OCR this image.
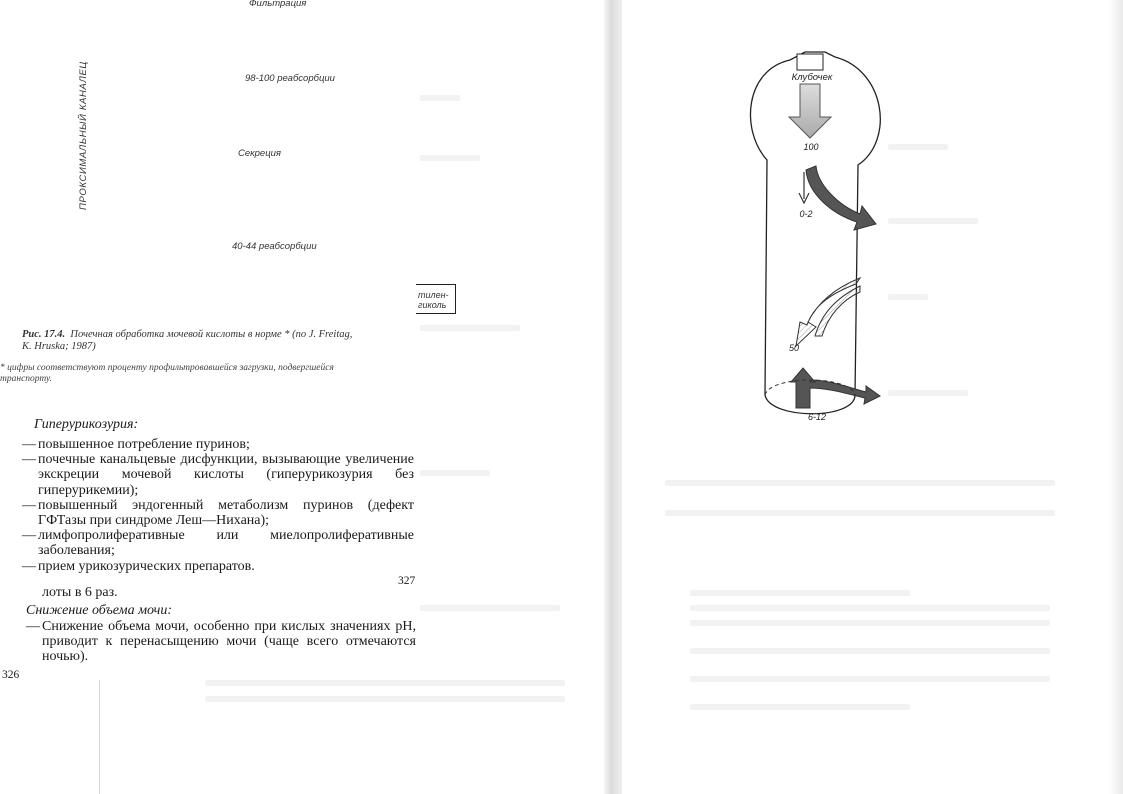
ПРОКСИМАЛЬНЫЙ КАНАЛЕЦ
Фильтрация
98-100 реабсорбции
Секреция
40-44 реабсорбции
тилен-
гиколь
Рис. 17.4. Почечная обработка мочевой кислоты в норме * (по J. Freitag,
K. Hruska; 1987)
* цифры соответствуют проценту профильтровавшейся загрузки, подвергшейся
транспорту.
Гиперурикозурия:
— повышенное потребление пуринов;
— почечные канальцевые дисфункции, вызывающие увеличение экскреции мочевой кислоты (гиперурикозурия без гиперурикемии);
— повышенный эндогенный метаболизм пуринов (дефект ГФТазы при синдроме Леш—Нихана);
— лимфопролиферативные или миелопролиферативные заболевания;
— прием урикозурических препаратов.
327
лоты в 6 раз.
Снижение объема мочи:
— Снижение объема мочи, особенно при кислых значениях pH, приводит к перенасыщению мочи (чаще всего отмечаются ночью).
326
Клубочек
100
0-2
50
6-12
